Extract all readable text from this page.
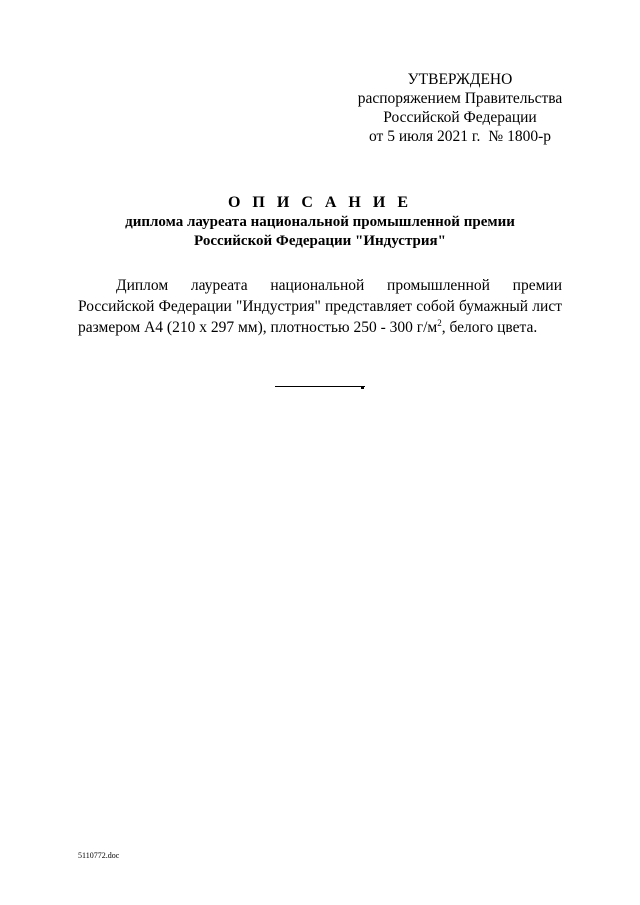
УТВЕРЖДЕНО
распоряжением Правительства
Российской Федерации
от 5 июля 2021 г. № 1800-р
О П И С А Н И Е
диплома лауреата национальной промышленной премии
Российской Федерации "Индустрия"

Диплом лауреата национальной промышленной премии Российской Федерации "Индустрия" представляет собой бумажный лист размером А4 (210 х 297 мм), плотностью 250 - 300 $г/м^2$, белого цвета.

5110772.doc
